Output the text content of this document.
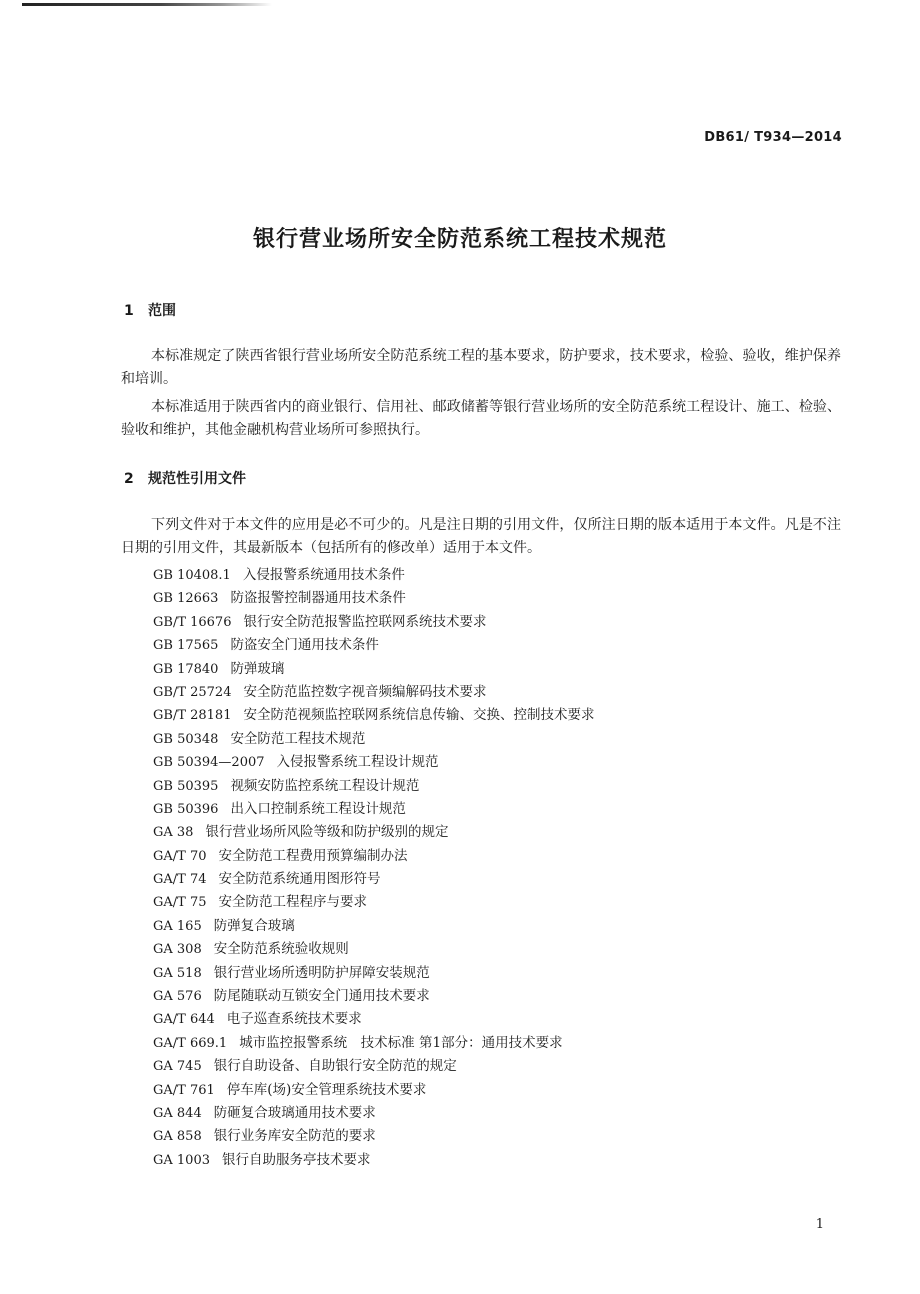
DB61/ T934—2014
银行营业场所安全防范系统工程技术规范
1 范围
本标准规定了陕西省银行营业场所安全防范系统工程的基本要求，防护要求，技术要求，检验、验收，维护保养和培训。
本标准适用于陕西省内的商业银行、信用社、邮政储蓄等银行营业场所的安全防范系统工程设计、施工、检验、验收和维护，其他金融机构营业场所可参照执行。
2 规范性引用文件
下列文件对于本文件的应用是必不可少的。凡是注日期的引用文件，仅所注日期的版本适用于本文件。凡是不注日期的引用文件，其最新版本（包括所有的修改单）适用于本文件。
GB 10408.1 入侵报警系统通用技术条件
GB 12663 防盗报警控制器通用技术条件
GB/T 16676 银行安全防范报警监控联网系统技术要求
GB 17565 防盗安全门通用技术条件
GB 17840 防弹玻璃
GB/T 25724 安全防范监控数字视音频编解码技术要求
GB/T 28181 安全防范视频监控联网系统信息传输、交换、控制技术要求
GB 50348 安全防范工程技术规范
GB 50394—2007 入侵报警系统工程设计规范
GB 50395 视频安防监控系统工程设计规范
GB 50396 出入口控制系统工程设计规范
GA 38 银行营业场所风险等级和防护级别的规定
GA/T 70 安全防范工程费用预算编制办法
GA/T 74 安全防范系统通用图形符号
GA/T 75 安全防范工程程序与要求
GA 165 防弹复合玻璃
GA 308 安全防范系统验收规则
GA 518 银行营业场所透明防护屏障安装规范
GA 576 防尾随联动互锁安全门通用技术要求
GA/T 644 电子巡查系统技术要求
GA/T 669.1 城市监控报警系统　技术标准 第1部分：通用技术要求
GA 745 银行自助设备、自助银行安全防范的规定
GA/T 761 停车库(场)安全管理系统技术要求
GA 844 防砸复合玻璃通用技术要求
GA 858 银行业务库安全防范的要求
GA 1003 银行自助服务亭技术要求
1
